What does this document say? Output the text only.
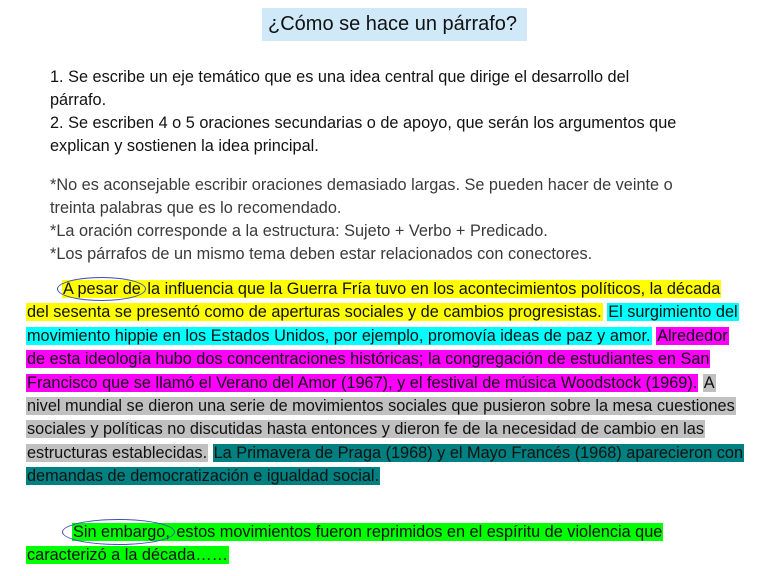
¿Cómo se hace un párrafo?
1. Se escribe un eje temático que es una idea central que dirige el desarrollo del
párrafo.
2. Se escriben 4 o 5 oraciones secundarias o de apoyo, que serán los argumentos que
explican y sostienen la idea principal.
*No es aconsejable escribir oraciones demasiado largas. Se pueden hacer de veinte o
treinta palabras que es lo recomendado.
*La oración corresponde a la estructura: Sujeto + Verbo + Predicado.
*Los párrafos de un mismo tema deben estar relacionados con conectores.
A pesar de
la influencia que la Guerra Fría tuvo en los acontecimientos políticos, la década del sesenta se presentó como de aperturas sociales y de cambios progresistas. El surgimiento del movimiento hippie en los Estados Unidos, por ejemplo, promovía ideas de paz y amor. Alrededor de esta ideología hubo dos concentraciones históricas; la congregación de estudiantes en San Francisco que se llamó el Verano del Amor (1967), y el festival de música Woodstock (1969). A nivel mundial se dieron una serie de movimientos sociales que pusieron sobre la mesa cuestiones sociales y políticas no discutidas hasta entonces y dieron fe de la necesidad de cambio en las estructuras establecidas. La Primavera de Praga (1968) y el Mayo Francés (1968) aparecieron con demandas de democratización e igualdad social.
Sin embargo,
estos movimientos fueron reprimidos en el espíritu de violencia que caracterizó a la década……
